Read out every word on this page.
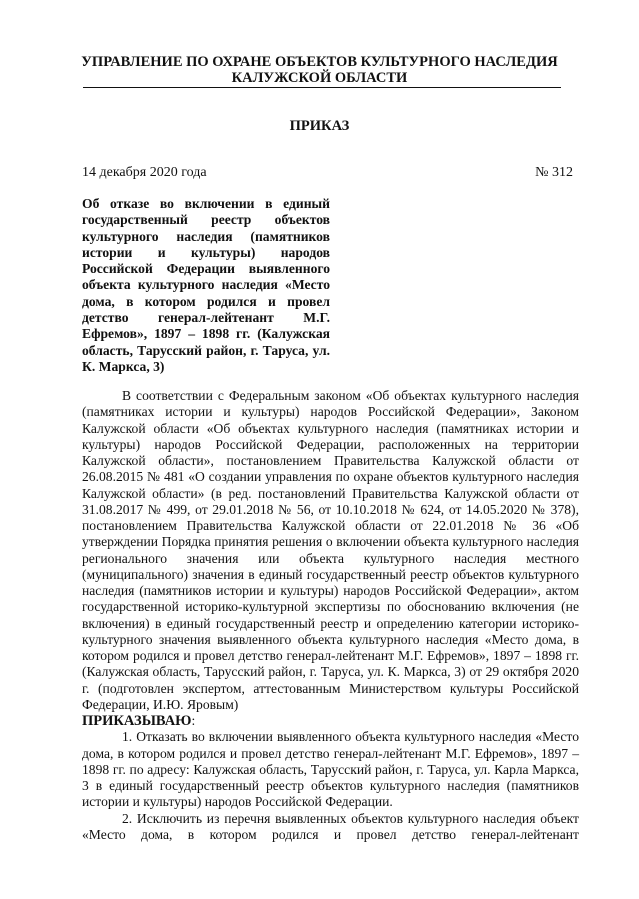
УПРАВЛЕНИЕ ПО ОХРАНЕ ОБЪЕКТОВ КУЛЬТУРНОГО НАСЛЕДИЯ
КАЛУЖСКОЙ ОБЛАСТИ
ПРИКАЗ
14 декабря 2020 года	№ 312
Об отказе во включении в единый государственный реестр объектов культурного наследия (памятников истории и культуры) народов Российской Федерации выявленного объекта культурного наследия «Место дома, в котором родился и провел детство генерал-лейтенант М.Г. Ефремов», 1897 – 1898 гг. (Калужская область, Тарусский район, г. Таруса, ул. К. Маркса, 3)

В соответствии с Федеральным законом «Об объектах культурного наследия (памятниках истории и культуры) народов Российской Федерации», Законом Калужской области «Об объектах культурного наследия (памятниках истории и культуры) народов Российской Федерации, расположенных на территории Калужской области», постановлением Правительства Калужской области от 26.08.2015 № 481 «О создании управления по охране объектов культурного наследия Калужской области» (в ред. постановлений Правительства Калужской области от 31.08.2017 № 499, от 29.01.2018 № 56, от 10.10.2018 № 624, от 14.05.2020 № 378), постановлением Правительства Калужской области от 22.01.2018 № 36 «Об утверждении Порядка принятия решения о включении объекта культурного наследия регионального значения или объекта культурного наследия местного (муниципального) значения в единый государственный реестр объектов культурного наследия (памятников истории и культуры) народов Российской Федерации», актом государственной историко-культурной экспертизы по обоснованию включения (не включения) в единый государственный реестр и определению категории историко-культурного значения выявленного объекта культурного наследия «Место дома, в котором родился и провел детство генерал-лейтенант М.Г. Ефремов», 1897 – 1898 гг. (Калужская область, Тарусский район, г. Таруса, ул. К. Маркса, 3) от 29 октября 2020 г. (подготовлен экспертом, аттестованным Министерством культуры Российской Федерации, И.Ю. Яровым)

ПРИКАЗЫВАЮ:

1. Отказать во включении выявленного объекта культурного наследия «Место дома, в котором родился и провел детство генерал-лейтенант М.Г. Ефремов», 1897 – 1898 гг. по адресу: Калужская область, Тарусский район, г. Таруса, ул. Карла Маркса, 3 в единый государственный реестр объектов культурного наследия (памятников истории и культуры) народов Российской Федерации.

2. Исключить из перечня выявленных объектов культурного наследия объект «Место дома, в котором родился и провел детство генерал-лейтенант
